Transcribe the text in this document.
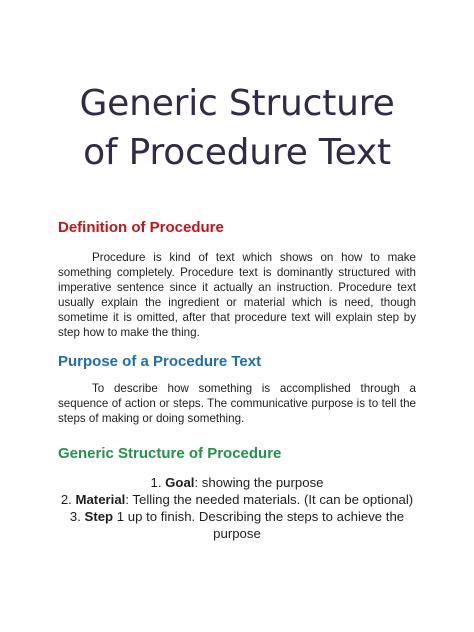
Generic Structure
of Procedure Text
Definition of Procedure

Procedure is kind of text which shows on how to make something completely. Procedure text is dominantly structured with imperative sentence since it actually an instruction. Procedure text usually explain the ingredient or material which is need, though sometime it is omitted, after that procedure text will explain step by step how to make the thing.

Purpose of a Procedure Text

To describe how something is accomplished through a sequence of action or steps. The communicative purpose is to tell the steps of making or doing something.

Generic Structure of Procedure
1. Goal: showing the purpose
2. Material: Telling the needed materials. (It can be optional)
3. Step 1 up to finish. Describing the steps to achieve the purpose
